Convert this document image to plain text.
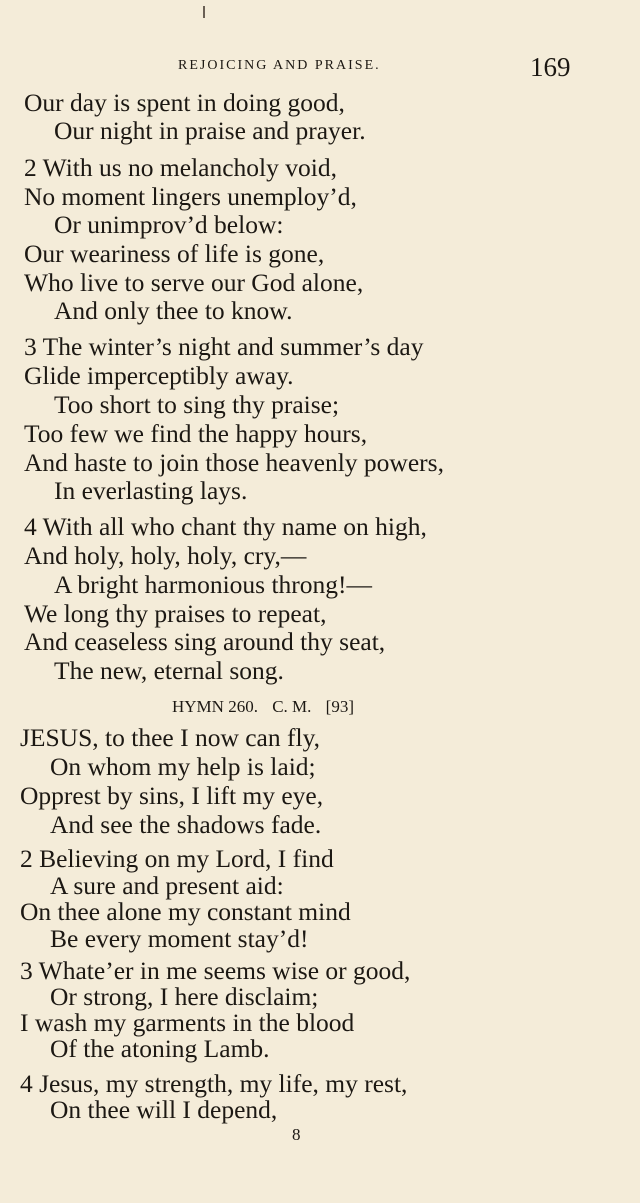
REJOICING AND PRAISE.	169
Our day is spent in doing good,
Our night in praise and prayer.
2 With us no melancholy void,
No moment lingers unemploy’d,
Or unimprov’d below:
Our weariness of life is gone,
Who live to serve our God alone,
And only thee to know.
3 The winter’s night and summer’s day
Glide imperceptibly away.
Too short to sing thy praise;
Too few we find the happy hours,
And haste to join those heavenly powers,
In everlasting lays.
4 With all who chant thy name on high,
And holy, holy, holy, cry,—
A bright harmonious throng!—
We long thy praises to repeat,
And ceaseless sing around thy seat,
The new, eternal song.
HYMN 260. C. M. [93]
JESUS, to thee I now can fly,
On whom my help is laid;
Opprest by sins, I lift my eye,
And see the shadows fade.
2 Believing on my Lord, I find
A sure and present aid:
On thee alone my constant mind
Be every moment stay’d!
3 Whate’er in me seems wise or good,
Or strong, I here disclaim;
I wash my garments in the blood
Of the atoning Lamb.
4 Jesus, my strength, my life, my rest,
On thee will I depend,
8
